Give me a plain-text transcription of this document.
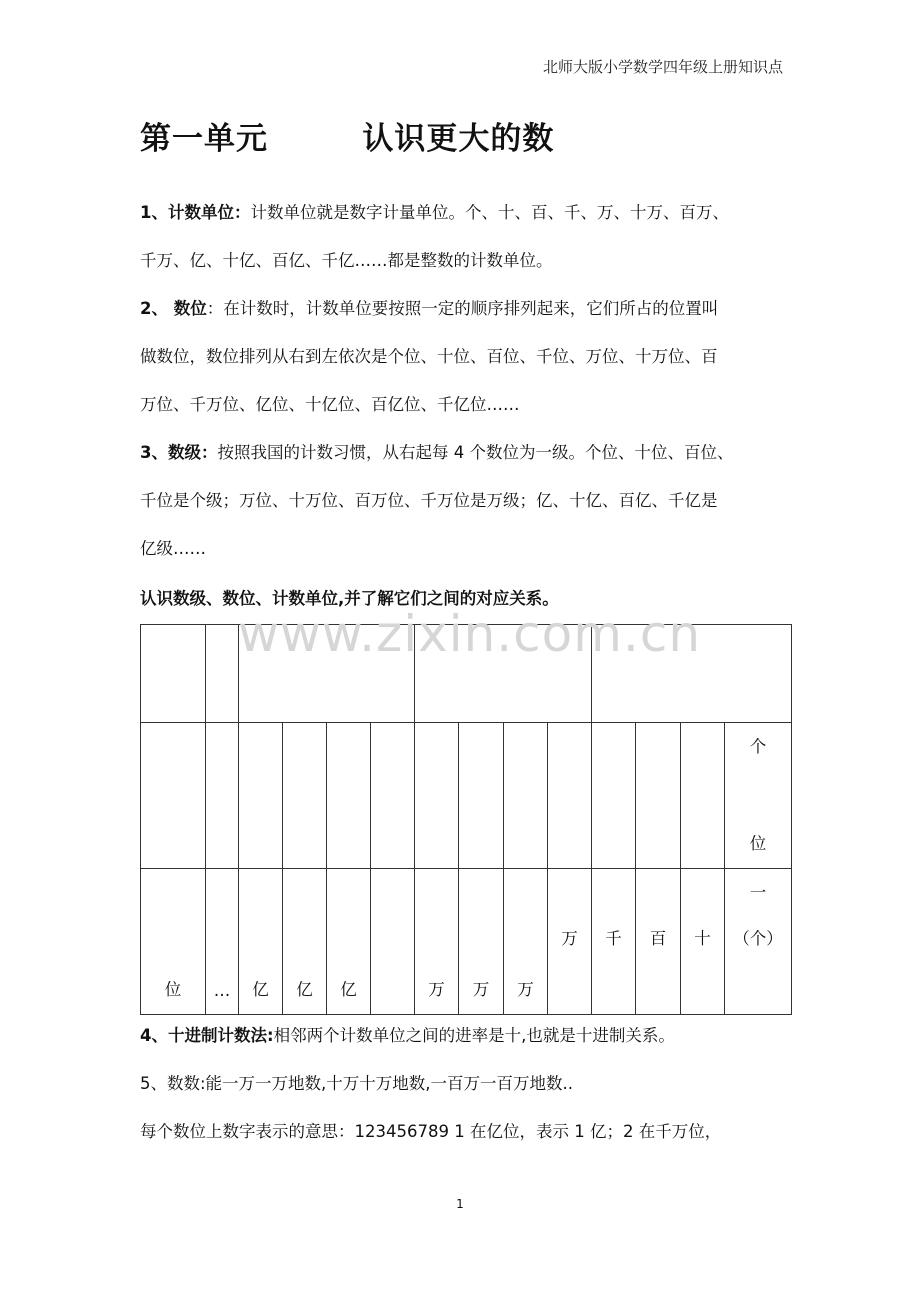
北师大版小学数学四年级上册知识点
第一单元        认识更大的数
1、计数单位：计数单位就是数字计量单位。个、十、百、千、万、十万、百万、
千万、亿、十亿、百亿、千亿……都是整数的计数单位。
2、 数位：在计数时，计数单位要按照一定的顺序排列起来，它们所占的位置叫
做数位，数位排列从右到左依次是个位、十位、百位、千位、万位、十万位、百
万位、千万位、亿位、十亿位、百亿位、千亿位……
3、数级：按照我国的计数习惯，从右起每 4 个数位为一级。个位、十位、百位、
千位是个级；万位、十万位、百万位、千万位是万级；亿、十亿、百亿、千亿是
亿级……
认识数级、数位、计数单位,并了解它们之间的对应关系。
www.zixin.com.cn

													个
位

位	…	亿	亿	亿		万	万	万	万	千	百	十	一
（个）
4、十进制计数法:相邻两个计数单位之间的进率是十,也就是十进制关系。
5、数数:能一万一万地数,十万十万地数,一百万一百万地数..
每个数位上数字表示的意思：123456789 1 在亿位，表示 1 亿；2 在千万位，
1
